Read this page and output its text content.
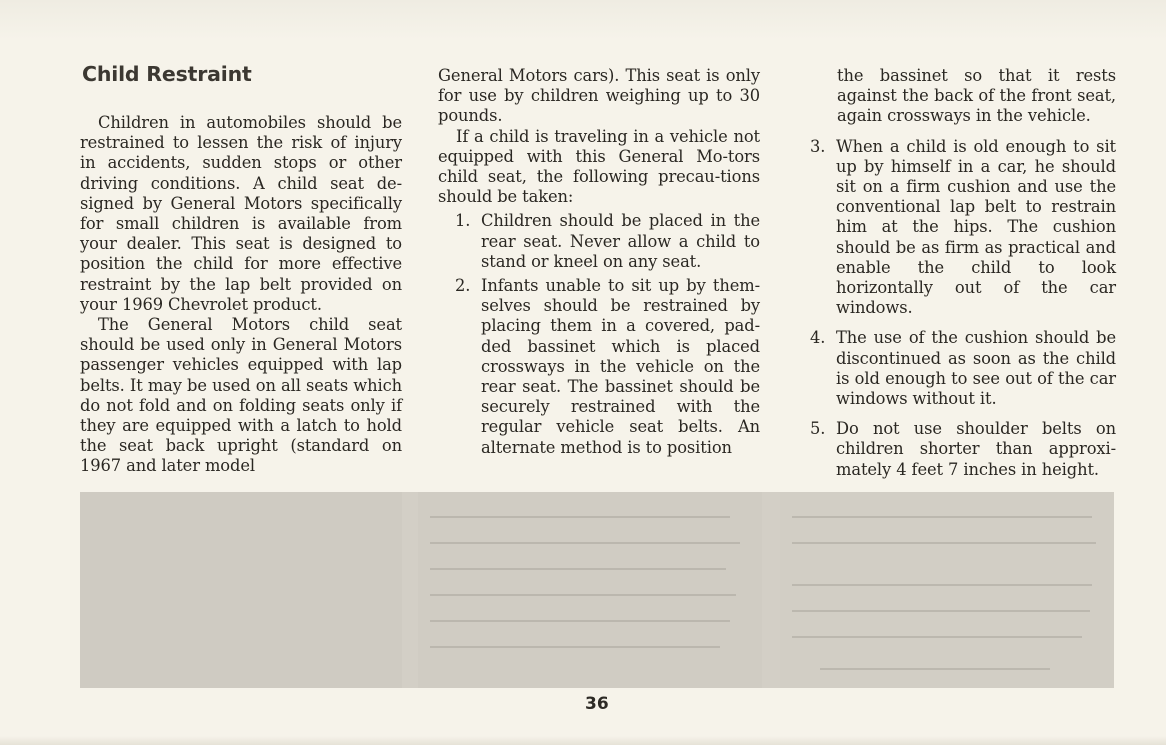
Child Restraint

Children in automobiles should be restrained to lessen the risk of injury in accidents, sudden stops or other driving conditions. A child seat de-signed by General Motors specifically for small children is available from your dealer. This seat is designed to position the child for more effective restraint by the lap belt provided on your 1969 Chevrolet product.

The General Motors child seat should be used only in General Motors passenger vehicles equipped with lap belts. It may be used on all seats which do not fold and on folding seats only if they are equipped with a latch to hold the seat back upright (standard on 1967 and later model

General Motors cars). This seat is only for use by children weighing up to 30 pounds.

If a child is traveling in a vehicle not equipped with this General Mo-tors child seat, the following precau-tions should be taken:

1. Children should be placed in the rear seat. Never allow a child to stand or kneel on any seat.
2. Infants unable to sit up by them-selves should be restrained by placing them in a covered, pad-ded bassinet which is placed crossways in the vehicle on the rear seat. The bassinet should be securely restrained with the regular vehicle seat belts. An alternate method is to position

the bassinet so that it rests against the back of the front seat, again crossways in the vehicle.

3. When a child is old enough to sit up by himself in a car, he should sit on a firm cushion and use the conventional lap belt to restrain him at the hips. The cushion should be as firm as practical and enable the child to look horizontally out of the car windows.
4. The use of the cushion should be discontinued as soon as the child is old enough to see out of the car windows without it.
5. Do not use shoulder belts on children shorter than approxi-mately 4 feet 7 inches in height.
36
